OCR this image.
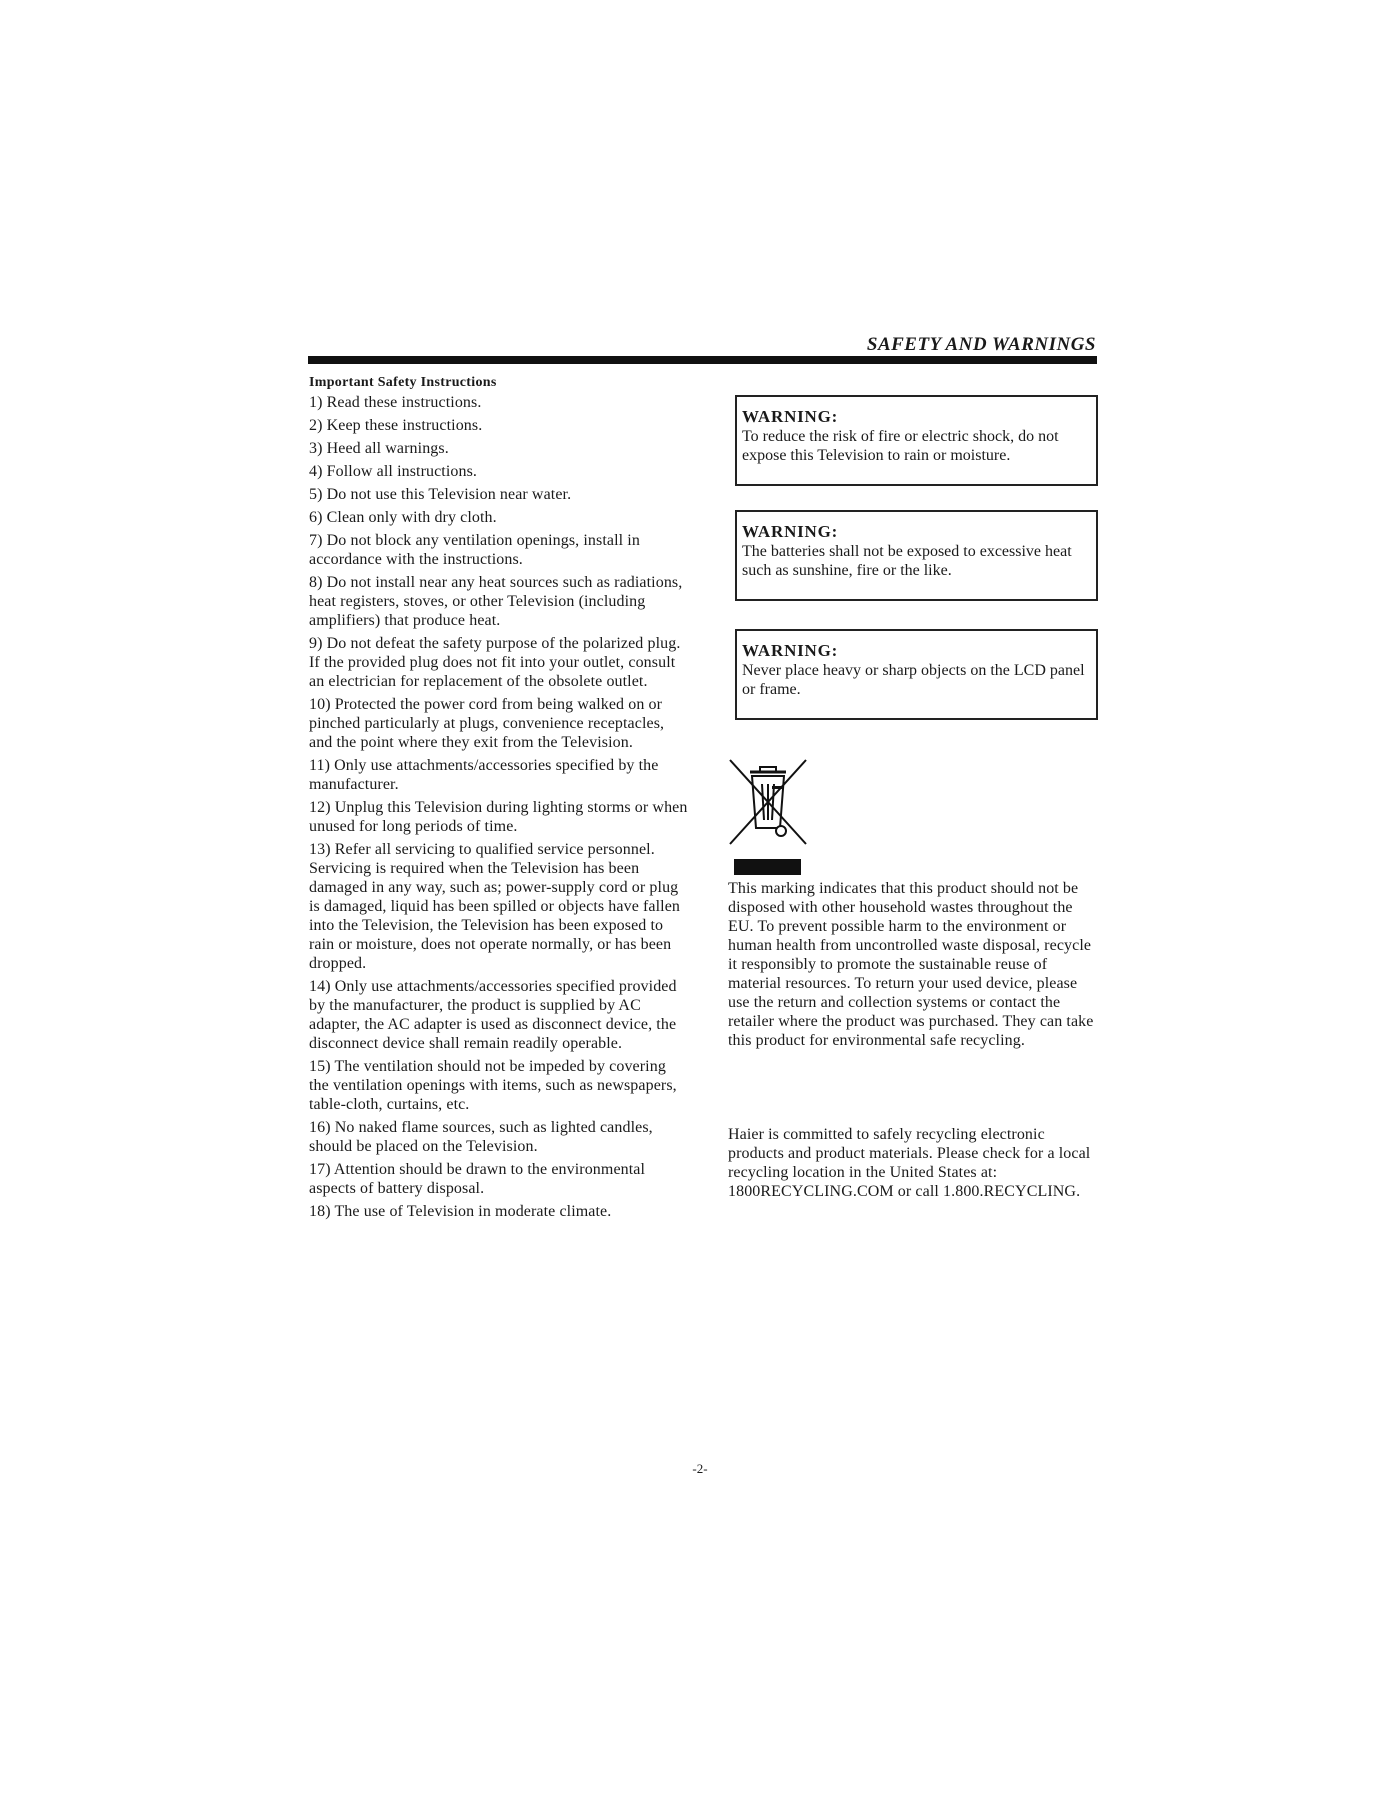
SAFETY AND WARNINGS
Important Safety Instructions
1) Read these instructions.
2) Keep these instructions.
3) Heed all warnings.
4) Follow all instructions.
5) Do not use this Television near water.
6) Clean only with dry cloth.
7) Do not block any ventilation openings, install in accordance with the instructions.
8) Do not install near any heat sources such as radiations, heat registers, stoves, or other Television (including amplifiers) that produce heat.
9) Do not defeat the safety purpose of the polarized plug. If the provided plug does not fit into your outlet, consult an electrician for replacement of the obsolete outlet.
10) Protected the power cord from being walked on or pinched particularly at plugs, convenience receptacles, and the point where they exit from the Television.
11) Only use attachments/accessories specified by the manufacturer.
12) Unplug this Television during lighting storms or when unused for long periods of time.
13) Refer all servicing to qualified service personnel. Servicing is required when the Television has been damaged in any way, such as; power-supply cord or plug is damaged, liquid has been spilled or objects have fallen into the Television, the Television has been exposed to rain or moisture, does not operate normally, or has been dropped.
14) Only use attachments/accessories specified provided by the manufacturer, the product is supplied by AC adapter, the AC adapter is used as disconnect device, the disconnect device shall remain readily operable.
15) The ventilation should not be impeded by covering the ventilation openings with items, such as newspapers, table-cloth, curtains, etc.
16) No naked flame sources, such as lighted candles, should be placed on the Television.
17) Attention should be drawn to the environmental aspects of battery disposal.
18) The use of Television in moderate climate.
WARNING:
To reduce the risk of fire or electric shock, do not expose this Television to rain or moisture.
WARNING:
The batteries shall not be exposed to excessive heat such as sunshine, fire or the like.
WARNING:
Never place heavy or sharp objects on the LCD panel or frame.

This marking indicates that this product should not be disposed with other household wastes throughout the EU. To prevent possible harm to the environment or human health from uncontrolled waste disposal, recycle it responsibly to promote the sustainable reuse of material resources. To return your used device, please use the return and collection systems or contact the retailer where the product was purchased. They can take this product for environmental safe recycling.

Haier is committed to safely recycling electronic products and product materials. Please check for a local recycling location in the United States at: 1800RECYCLING.COM or call 1.800.RECYCLING.

-2-
